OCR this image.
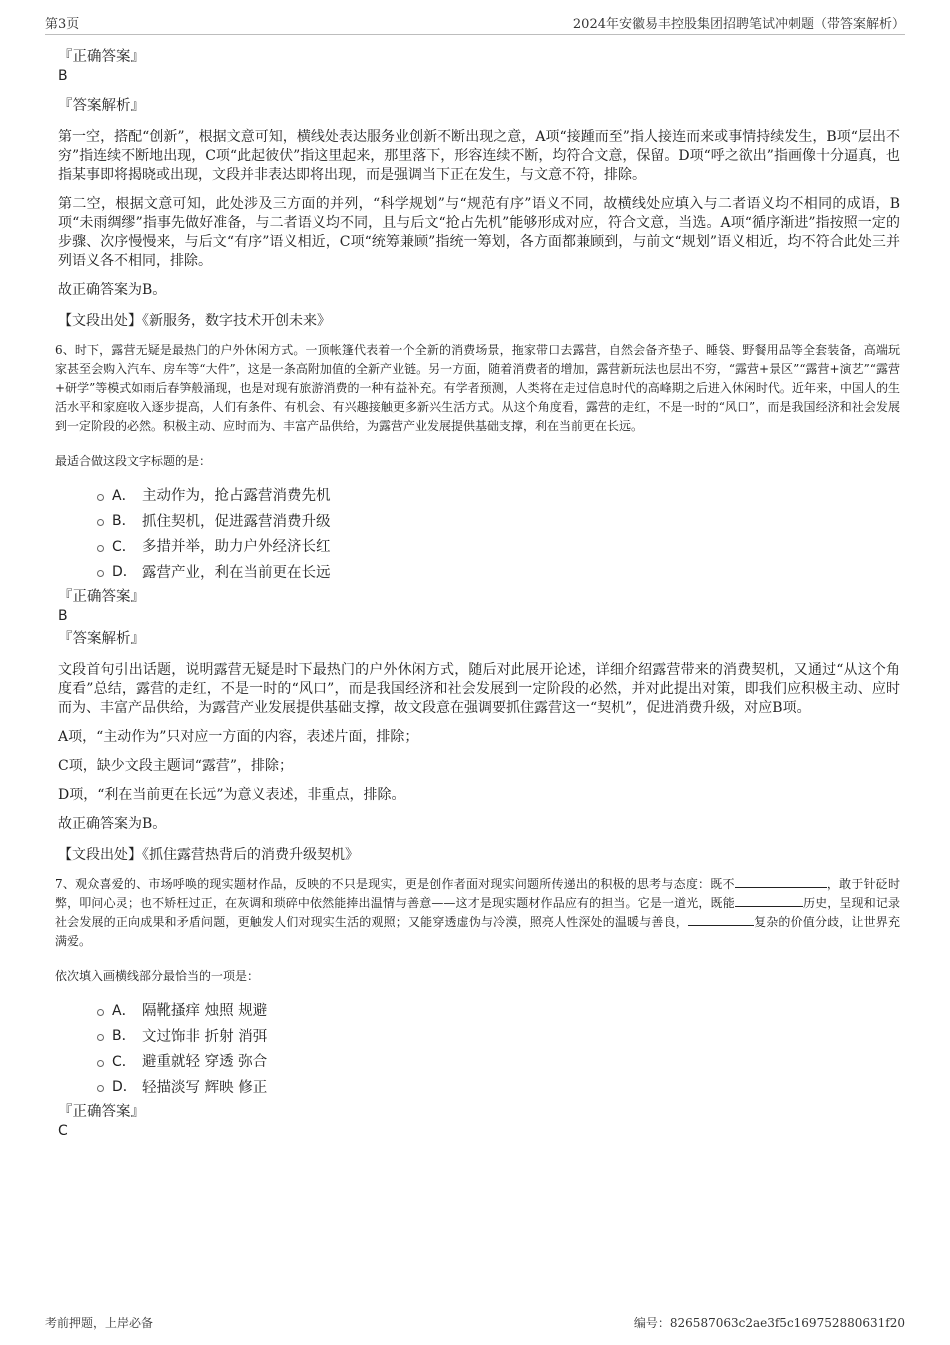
第3页	2024年安徽易丰控股集团招聘笔试冲刺题（带答案解析）
『正确答案』
B
『答案解析』
第一空，搭配“创新”，根据文意可知，横线处表达服务业创新不断出现之意，A项“接踵而至”指人接连而来或事情持续发生，B项“层出不穷”指连续不断地出现，C项“此起彼伏”指这里起来，那里落下，形容连续不断，均符合文意，保留。D项“呼之欲出”指画像十分逼真，也指某事即将揭晓或出现，文段并非表达即将出现，而是强调当下正在发生，与文意不符，排除。
第二空，根据文意可知，此处涉及三方面的并列，“科学规划”与“规范有序”语义不同，故横线处应填入与二者语义均不相同的成语，B项“未雨绸缪”指事先做好准备，与二者语义均不同，且与后文“抢占先机”能够形成对应，符合文意，当选。A项“循序渐进”指按照一定的步骤、次序慢慢来，与后文“有序”语义相近，C项“统筹兼顾”指统一筹划，各方面都兼顾到，与前文“规划”语义相近，均不符合此处三并列语义各不相同，排除。
故正确答案为B。
【文段出处】《新服务，数字技术开创未来》
6、时下，露营无疑是最热门的户外休闲方式。一顶帐篷代表着一个全新的消费场景，拖家带口去露营，自然会备齐垫子、睡袋、野餐用品等全套装备，高端玩家甚至会购入汽车、房车等“大件”，这是一条高附加值的全新产业链。另一方面，随着消费者的增加，露营新玩法也层出不穷，“露营+景区”“露营+演艺”“露营+研学”等模式如雨后春笋般涌现，也是对现有旅游消费的一种有益补充。有学者预测，人类将在走过信息时代的高峰期之后进入休闲时代。近年来，中国人的生活水平和家庭收入逐步提高，人们有条件、有机会、有兴趣接触更多新兴生活方式。从这个角度看，露营的走红，不是一时的“风口”，而是我国经济和社会发展到一定阶段的必然。积极主动、应时而为、丰富产品供给，为露营产业发展提供基础支撑，利在当前更在长远。
最适合做这段文字标题的是：
A． 主动作为，抢占露营消费先机
B． 抓住契机，促进露营消费升级
C． 多措并举，助力户外经济长红
D． 露营产业，利在当前更在长远
『正确答案』
B
『答案解析』
文段首句引出话题，说明露营无疑是时下最热门的户外休闲方式，随后对此展开论述，详细介绍露营带来的消费契机，又通过“从这个角度看”总结，露营的走红，不是一时的“风口”，而是我国经济和社会发展到一定阶段的必然，并对此提出对策，即我们应积极主动、应时而为、丰富产品供给，为露营产业发展提供基础支撑，故文段意在强调要抓住露营这一“契机”，促进消费升级，对应B项。
A项，“主动作为”只对应一方面的内容，表述片面，排除；
C项，缺少文段主题词“露营”，排除；
D项，“利在当前更在长远”为意义表述，非重点，排除。
故正确答案为B。
【文段出处】《抓住露营热背后的消费升级契机》
7、观众喜爱的、市场呼唤的现实题材作品，反映的不只是现实，更是创作者面对现实问题所传递出的积极的思考与态度：既不	，敢于针砭时弊，叩问心灵；也不矫枉过正，在灰调和琐碎中依然能捧出温情与善意——这才是现实题材作品应有的担当。它是一道光，既能	历史，呈现和记录社会发展的正向成果和矛盾问题，更触发人们对现实生活的观照；又能穿透虚伪与冷漠，照亮人性深处的温暖与善良，	复杂的价值分歧，让世界充满爱。
依次填入画横线部分最恰当的一项是：
A． 隔靴搔痒 烛照 规避
B． 文过饰非 折射 消弭
C． 避重就轻 穿透 弥合
D． 轻描淡写 辉映 修正
『正确答案』
C
考前押题，上岸必备	编号：826587063c2ae3f5c169752880631f20
